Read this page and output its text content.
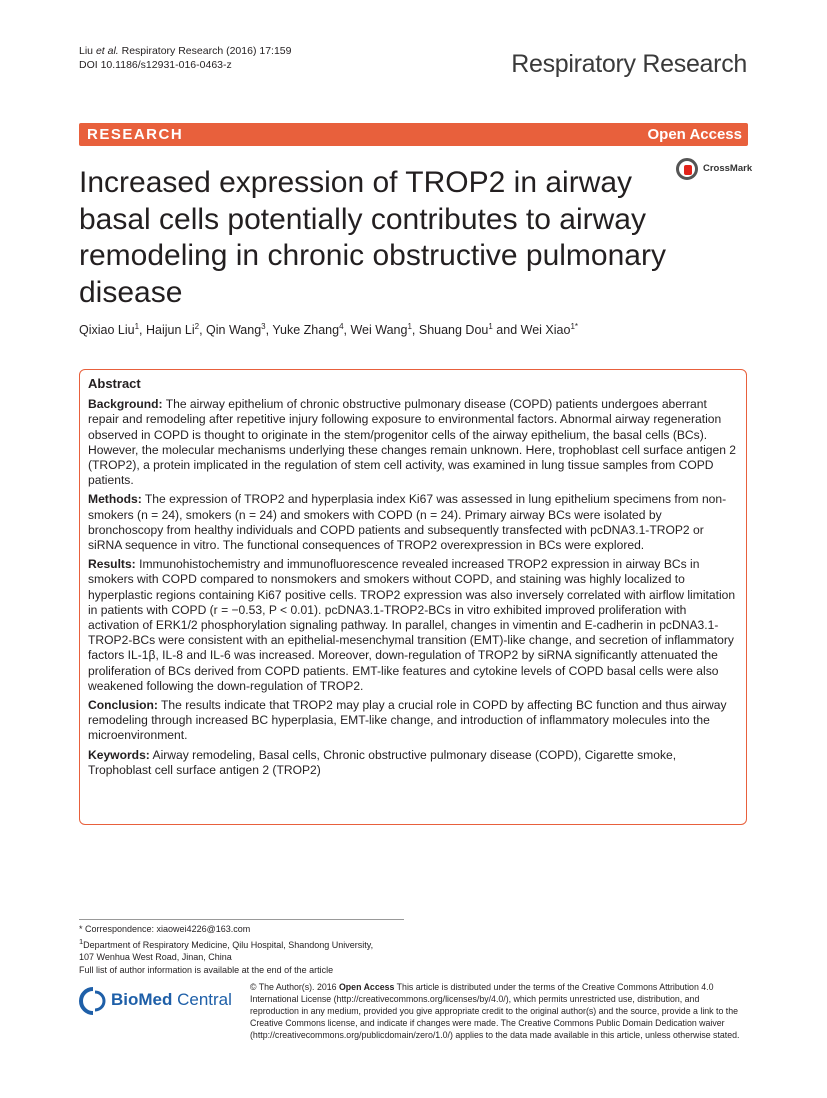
Liu et al. Respiratory Research (2016) 17:159
DOI 10.1186/s12931-016-0463-z	Respiratory Research
RESEARCH	Open Access
CrossMark
Increased expression of TROP2 in airway basal cells potentially contributes to airway remodeling in chronic obstructive pulmonary disease
Qixiao Liu$^1$, Haijun Li$^2$, Qin Wang$^3$, Yuke Zhang$^4$, Wei Wang$^1$, Shuang Dou$^1$ and Wei Xiao$^{1*}$
Abstract

Background: The airway epithelium of chronic obstructive pulmonary disease (COPD) patients undergoes aberrant repair and remodeling after repetitive injury following exposure to environmental factors. Abnormal airway regeneration observed in COPD is thought to originate in the stem/progenitor cells of the airway epithelium, the basal cells (BCs). However, the molecular mechanisms underlying these changes remain unknown. Here, trophoblast cell surface antigen 2 (TROP2), a protein implicated in the regulation of stem cell activity, was examined in lung tissue samples from COPD patients.

Methods: The expression of TROP2 and hyperplasia index Ki67 was assessed in lung epithelium specimens from non-smokers (n = 24), smokers (n = 24) and smokers with COPD (n = 24). Primary airway BCs were isolated by bronchoscopy from healthy individuals and COPD patients and subsequently transfected with pcDNA3.1-TROP2 or siRNA sequence in vitro. The functional consequences of TROP2 overexpression in BCs were explored.

Results: Immunohistochemistry and immunofluorescence revealed increased TROP2 expression in airway BCs in smokers with COPD compared to nonsmokers and smokers without COPD, and staining was highly localized to hyperplastic regions containing Ki67 positive cells. TROP2 expression was also inversely correlated with airflow limitation in patients with COPD (r = −0.53, P < 0.01). pcDNA3.1-TROP2-BCs in vitro exhibited improved proliferation with activation of ERK1/2 phosphorylation signaling pathway. In parallel, changes in vimentin and E-cadherin in pcDNA3.1-TROP2-BCs were consistent with an epithelial-mesenchymal transition (EMT)-like change, and secretion of inflammatory factors IL-1β, IL-8 and IL-6 was increased. Moreover, down-regulation of TROP2 by siRNA significantly attenuated the proliferation of BCs derived from COPD patients. EMT-like features and cytokine levels of COPD basal cells were also weakened following the down-regulation of TROP2.

Conclusion: The results indicate that TROP2 may play a crucial role in COPD by affecting BC function and thus airway remodeling through increased BC hyperplasia, EMT-like change, and introduction of inflammatory molecules into the microenvironment.

Keywords: Airway remodeling, Basal cells, Chronic obstructive pulmonary disease (COPD), Cigarette smoke, Trophoblast cell surface antigen 2 (TROP2)

* Correspondence: xiaowei4226@163.com
$^1$Department of Respiratory Medicine, Qilu Hospital, Shandong University,
107 Wenhua West Road, Jinan, China
Full list of author information is available at the end of the article
BioMed Central
© The Author(s). 2016 Open Access This article is distributed under the terms of the Creative Commons Attribution 4.0 International License (http://creativecommons.org/licenses/by/4.0/), which permits unrestricted use, distribution, and reproduction in any medium, provided you give appropriate credit to the original author(s) and the source, provide a link to the Creative Commons license, and indicate if changes were made. The Creative Commons Public Domain Dedication waiver (http://creativecommons.org/publicdomain/zero/1.0/) applies to the data made available in this article, unless otherwise stated.
